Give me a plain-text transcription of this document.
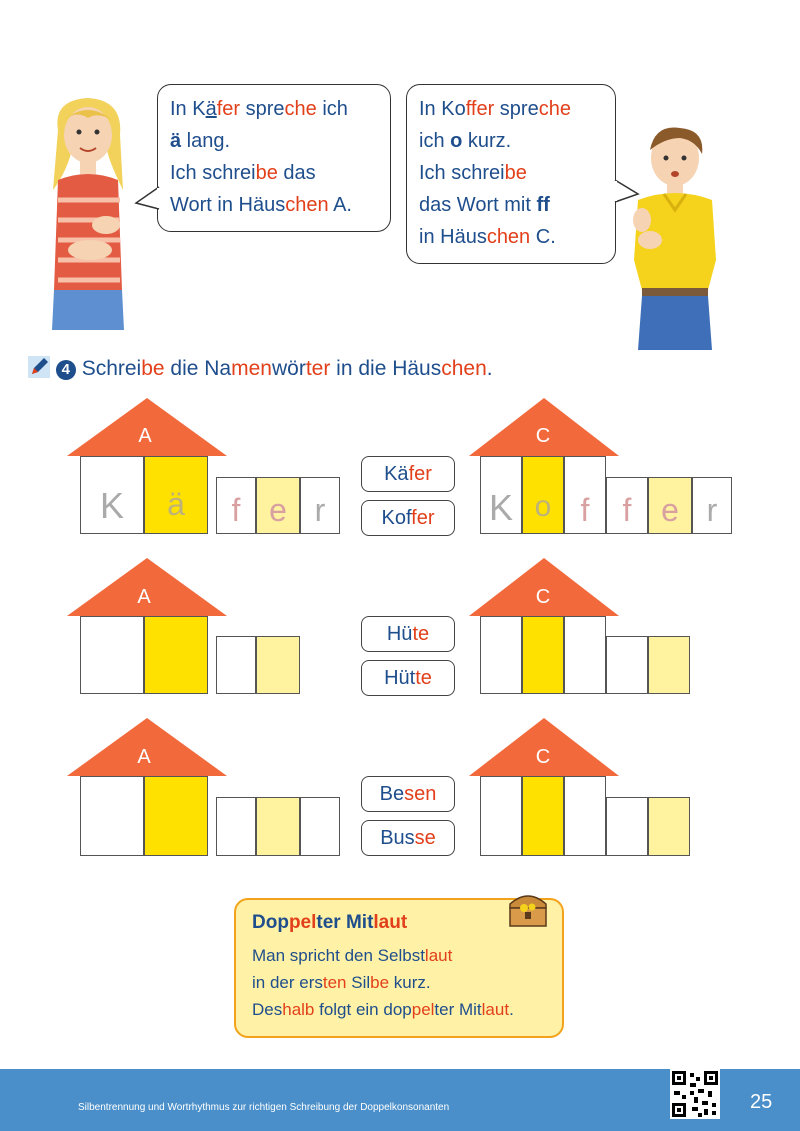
In Käfer spreche ich
ä lang.
Ich schreibe das
Wort in Häuschen A.
In Koffer spreche
ich o kurz.
Ich schreibe
das Wort mit ff
in Häuschen C.
4 Schreibe die Namenwörter in die Häuschen.
A
K	ä	f e r
C
K o f	f e r
Käfer
Koffer
A	C
Hüte
Hütte
A	C
Besen
Busse
Doppelter Mitlaut
Man spricht den Selbstlaut
in der ersten Silbe kurz.
Deshalb folgt ein doppelter Mitlaut.
Silbentrennung und Wortrhythmus zur richtigen Schreibung der Doppelkonsonanten	25
